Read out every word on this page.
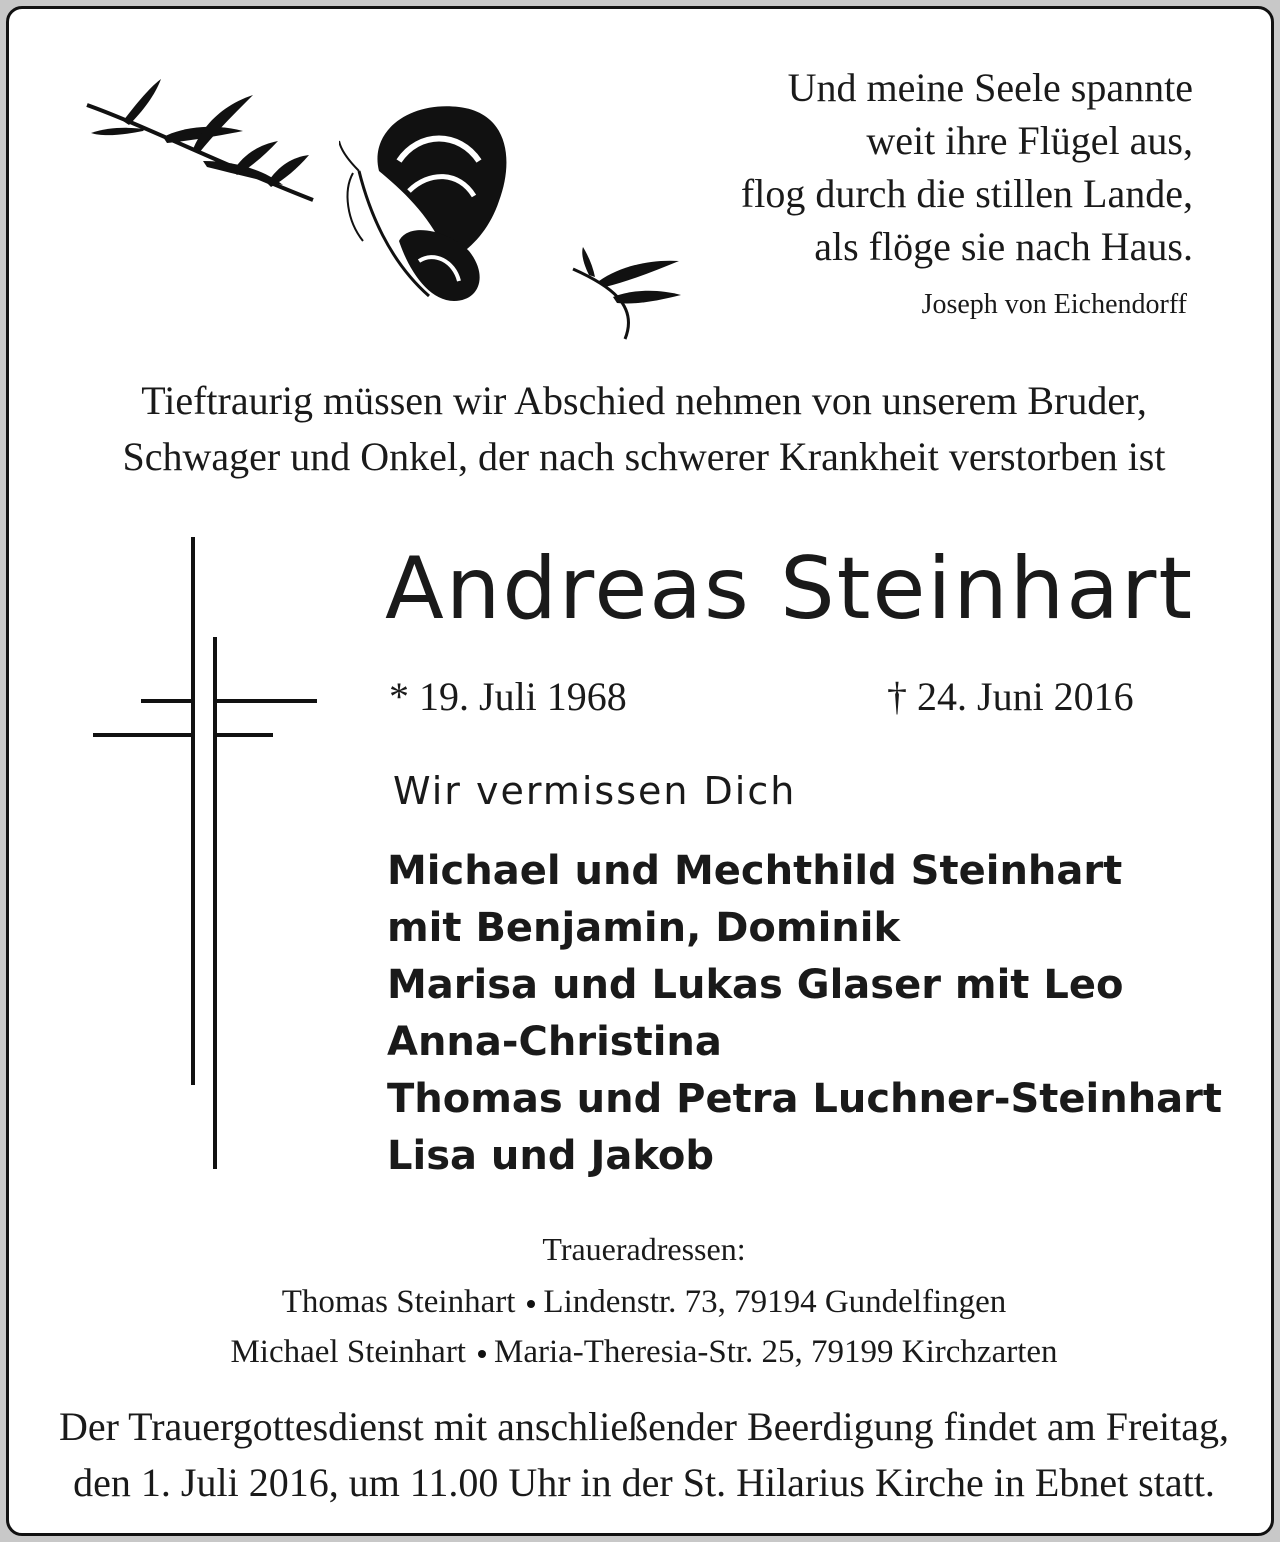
Und meine Seele spannte
weit ihre Flügel aus,
flog durch die stillen Lande,
als flöge sie nach Haus.
Joseph von Eichendorff
Tieftraurig müssen wir Abschied nehmen von unserem Bruder,
Schwager und Onkel, der nach schwerer Krankheit verstorben ist
Andreas Steinhart
* 19. Juli 1968	† 24. Juni 2016
Wir vermissen Dich
Michael und Mechthild Steinhart
mit Benjamin, Dominik
Marisa und Lukas Glaser mit Leo
Anna-Christina
Thomas und Petra Luchner-Steinhart
Lisa und Jakob
Traueradressen:
Thomas Steinhart Lindenstr. 73, 79194 Gundelfingen
Michael Steinhart Maria-Theresia-Str. 25, 79199 Kirchzarten
Der Trauergottesdienst mit anschließender Beerdigung findet am Freitag,
den 1. Juli 2016, um 11.00 Uhr in der St. Hilarius Kirche in Ebnet statt.
